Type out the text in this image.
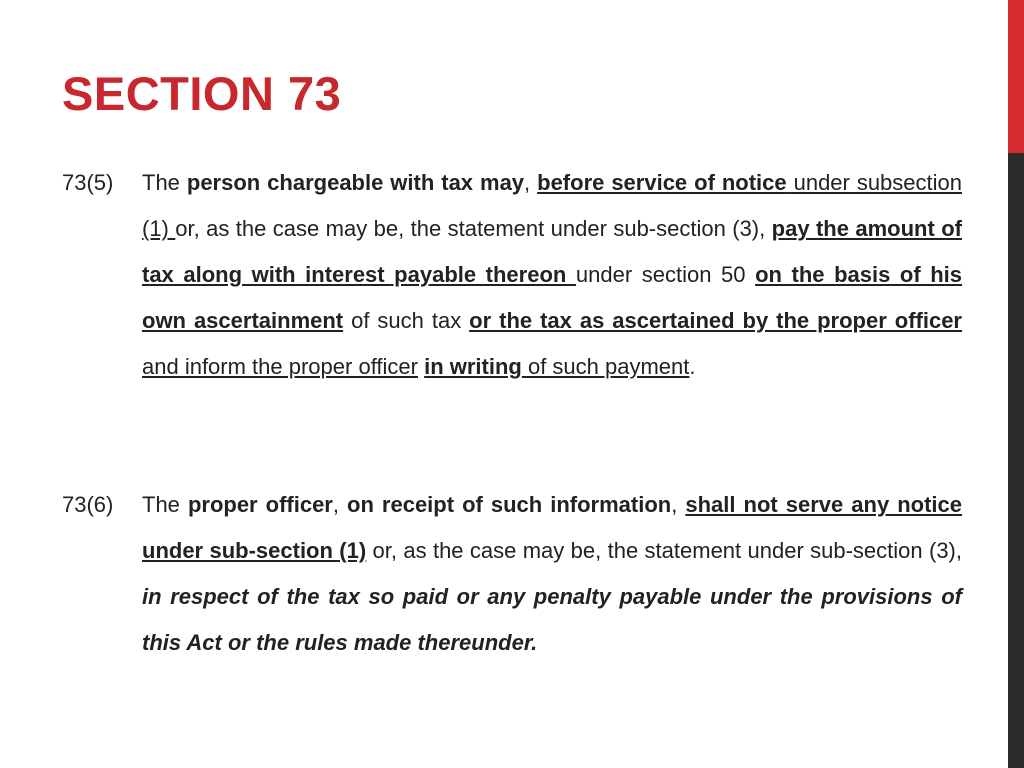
SECTION 73
73(5) The person chargeable with tax may, before service of notice under subsection (1) or, as the case may be, the statement under sub-section (3), pay the amount of tax along with interest payable thereon under section 50 on the basis of his own ascertainment of such tax or the tax as ascertained by the proper officer and inform the proper officer in writing of such payment.
73(6) The proper officer, on receipt of such information, shall not serve any notice under sub-section (1) or, as the case may be, the statement under sub-section (3), in respect of the tax so paid or any penalty payable under the provisions of this Act or the rules made thereunder.
